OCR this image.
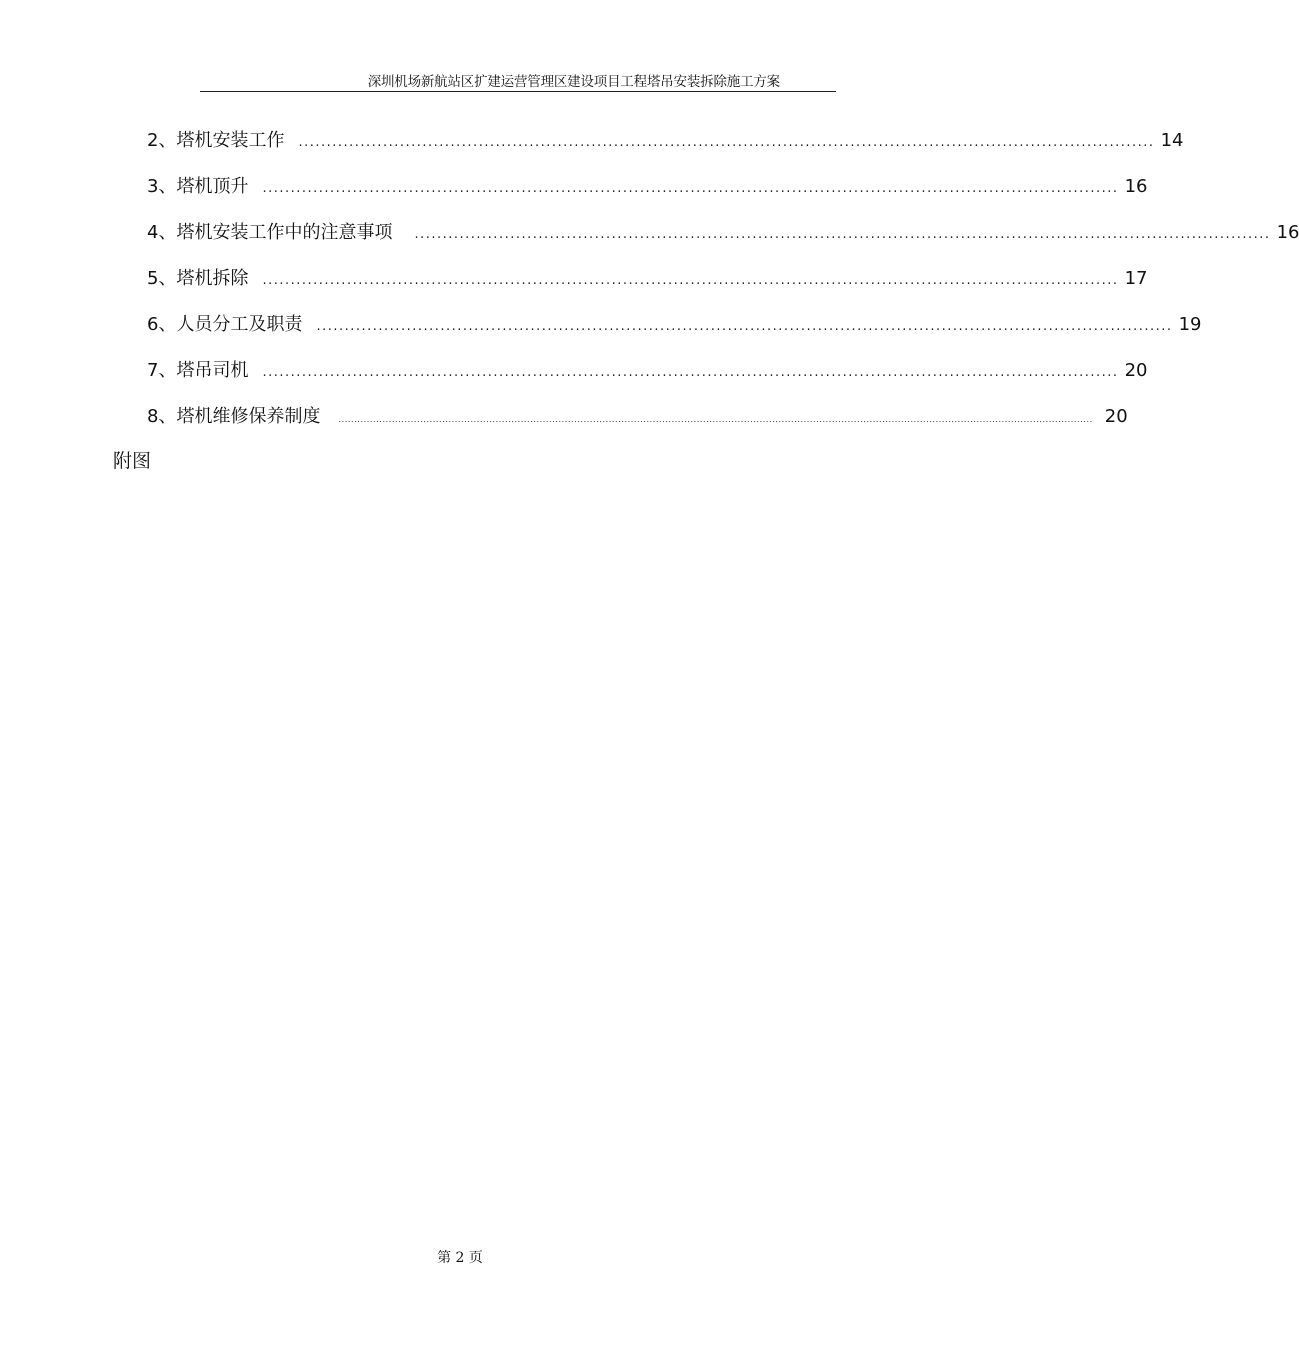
深圳机场新航站区扩建运营管理区建设项目工程塔吊安装拆除施工方案
2、 塔机安装工作 ........................................................................................................................................................ 14
3、 塔机顶升 ........................................................................................................................................................ 16
4、 塔机安装工作中的注意事项 ........................................................................................................................................................ 16
5、 塔机拆除 ........................................................................................................................................................ 17
6、 人员分工及职责 ........................................................................................................................................................ 19
7、 塔吊司机 ........................................................................................................................................................ 20
8、 塔机维修保养制度 ................................................................................................................................................................................................................................................ 20
附图
第 2 页
